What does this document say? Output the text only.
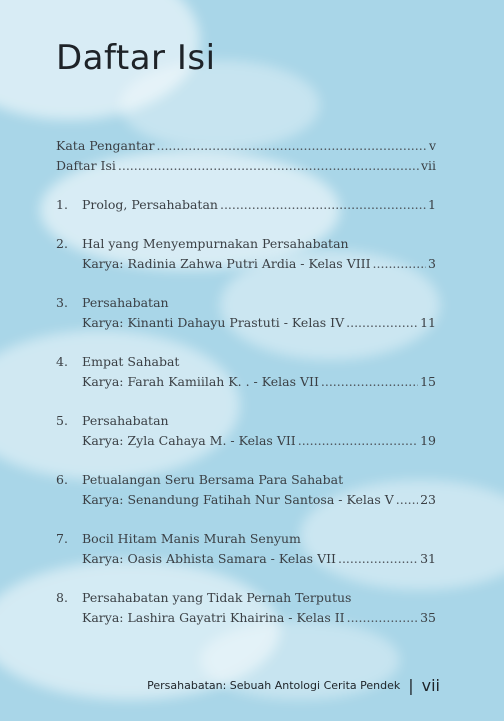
Daftar Isi
Kata Pengantar .....	v
Daftar Isi .....	vii
1. Prolog, Persahabatan .....	1
2. Hal yang Menyempurnakan Persahabatan
Karya: Radinia Zahwa Putri Ardia - Kelas VIII .....	3
3. Persahabatan
Karya: Kinanti Dahayu Prastuti - Kelas IV .....	11
4. Empat Sahabat
Karya: Farah Kamiilah K. . - Kelas VII .....	15
5. Persahabatan
Karya: Zyla Cahaya M. - Kelas VII .....	19
6. Petualangan Seru Bersama Para Sahabat
Karya: Senandung Fatihah Nur Santosa - Kelas V ..... 23
7. Bocil Hitam Manis Murah Senyum
Karya: Oasis Abhista Samara - Kelas VII .....	31
8. Persahabatan yang Tidak Pernah Terputus
Karya: Lashira Gayatri Khairina - Kelas II .....	35
Persahabatan: Sebuah Antologi Cerita Pendek | vii
